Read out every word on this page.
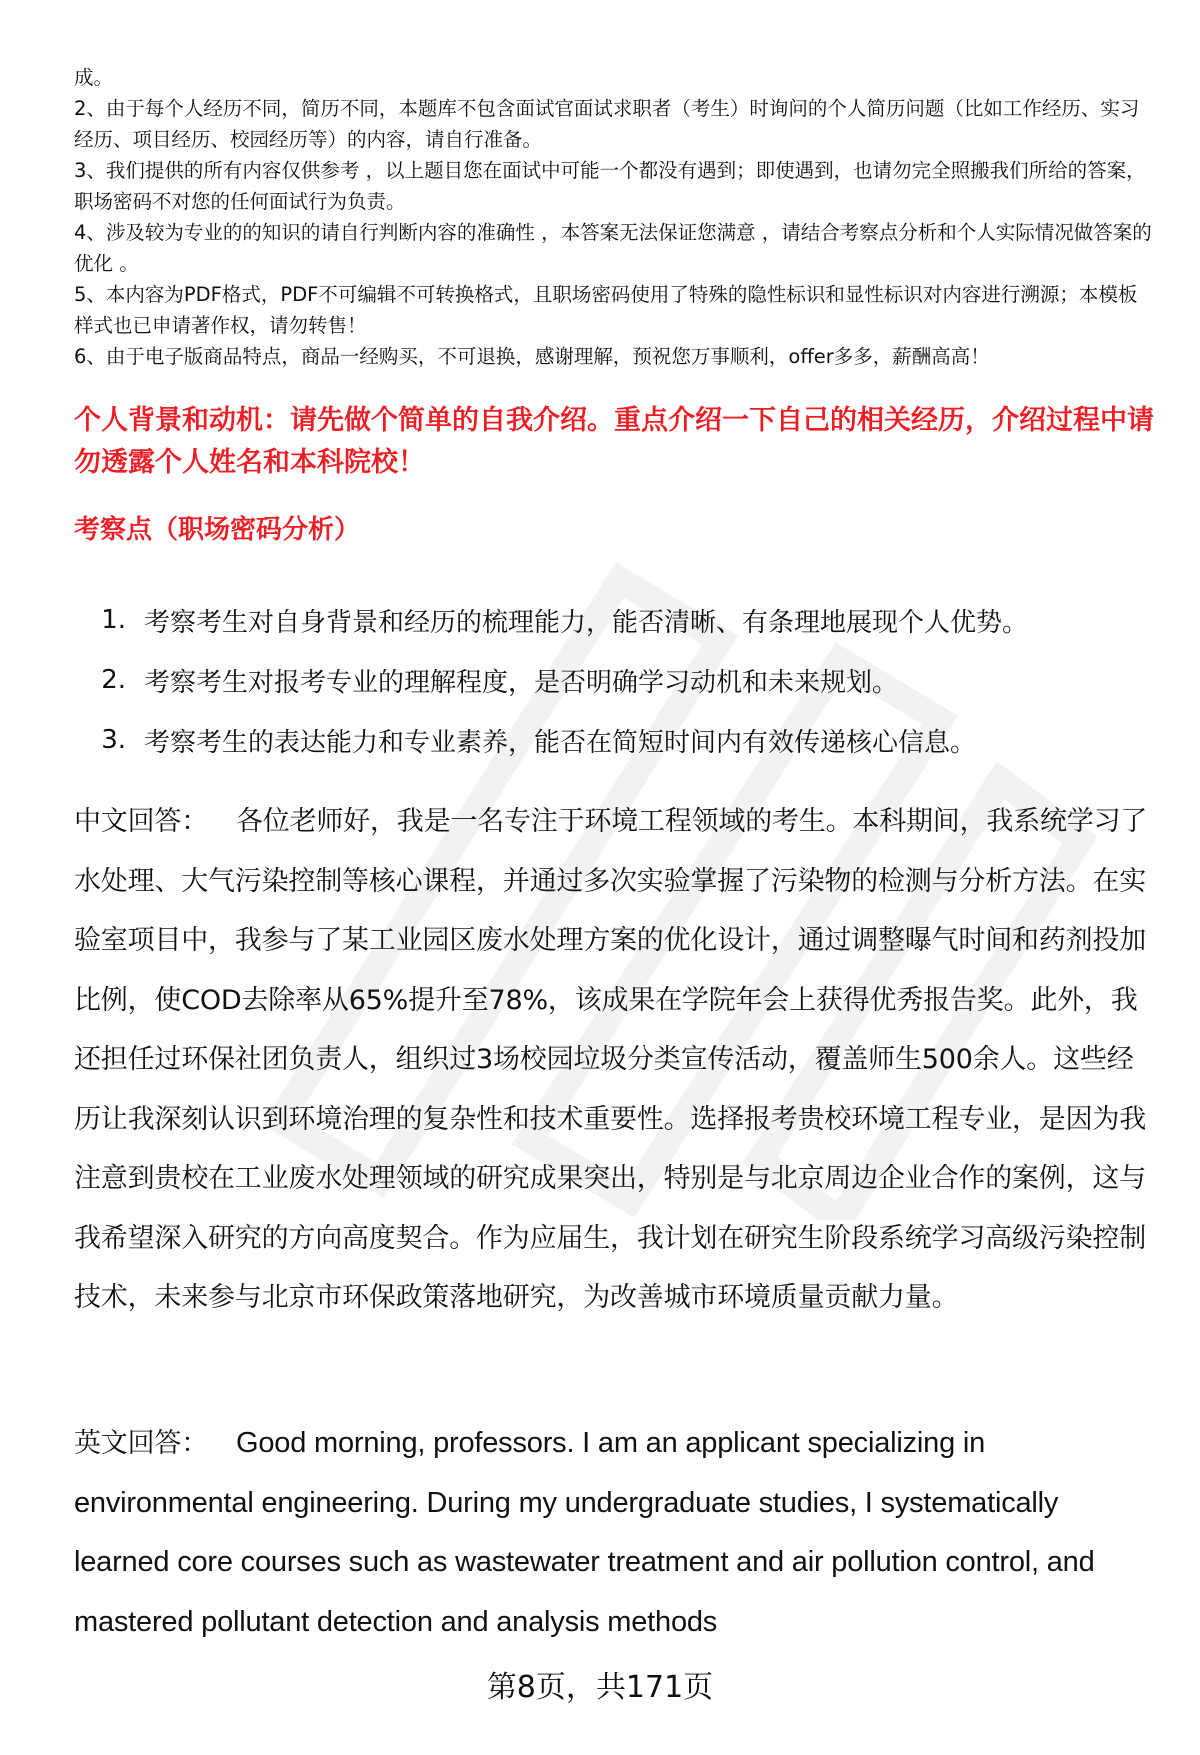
成。

2、由于每个人经历不同，简历不同，本题库不包含面试官面试求职者（考生）时询问的个人简历问题（比如工作经历、实习经历、项目经历、校园经历等）的内容，请自行准备。

3、我们提供的所有内容仅供参考 ，以上题目您在面试中可能一个都没有遇到；即使遇到，也请勿完全照搬我们所给的答案，职场密码不对您的任何面试行为负责。

4、涉及较为专业的的知识的请自行判断内容的准确性 ，本答案无法保证您满意 ，请结合考察点分析和个人实际情况做答案的优化 。

5、本内容为PDF格式，PDF不可编辑不可转换格式，且职场密码使用了特殊的隐性标识和显性标识对内容进行溯源；本模板样式也已申请著作权，请勿转售！

6、由于电子版商品特点，商品一经购买，不可退换，感谢理解，预祝您万事顺利，offer多多，薪酬高高！

个人背景和动机：请先做个简单的自我介绍。重点介绍一下自己的相关经历，介绍过程中请勿透露个人姓名和本科院校！
考察点（职场密码分析）
1. 考察考生对自身背景和经历的梳理能力，能否清晰、有条理地展现个人优势。
2. 考察考生对报考专业的理解程度，是否明确学习动机和未来规划。
3. 考察考生的表达能力和专业素养，能否在简短时间内有效传递核心信息。

中文回答： 各位老师好，我是一名专注于环境工程领域的考生。本科期间，我系统学习了水处理、大气污染控制等核心课程，并通过多次实验掌握了污染物的检测与分析方法。在实验室项目中，我参与了某工业园区废水处理方案的优化设计，通过调整曝气时间和药剂投加比例，使COD去除率从65%提升至78%，该成果在学院年会上获得优秀报告奖。此外，我还担任过环保社团负责人，组织过3场校园垃圾分类宣传活动，覆盖师生500余人。这些经历让我深刻认识到环境治理的复杂性和技术重要性。选择报考贵校环境工程专业，是因为我注意到贵校在工业废水处理领域的研究成果突出，特别是与北京周边企业合作的案例，这与我希望深入研究的方向高度契合。作为应届生，我计划在研究生阶段系统学习高级污染控制技术，未来参与北京市环保政策落地研究，为改善城市环境质量贡献力量。

英文回答： Good morning, professors. I am an applicant specializing in environmental engineering. During my undergraduate studies, I systematically learned core courses such as wastewater treatment and air pollution control, and mastered pollutant detection and analysis methods

第8页，共171页
